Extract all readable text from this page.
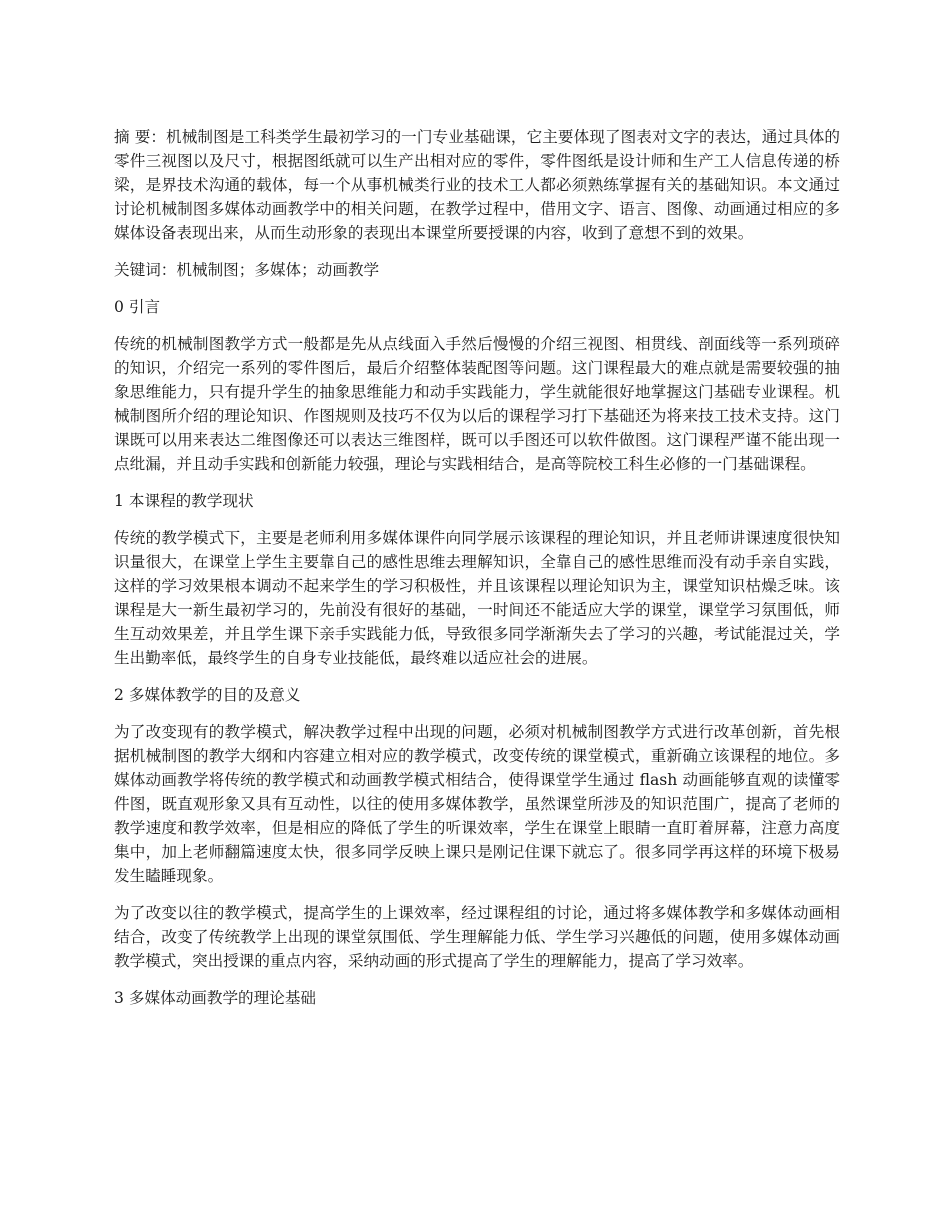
摘 要：机械制图是工科类学生最初学习的一门专业基础课，它主要体现了图表对文字的表达，通过具体的零件三视图以及尺寸，根据图纸就可以生产出相对应的零件，零件图纸是设计师和生产工人信息传递的桥梁，是界技术沟通的载体，每一个从事机械类行业的技术工人都必须熟练掌握有关的基础知识。本文通过讨论机械制图多媒体动画教学中的相关问题，在教学过程中，借用文字、语言、图像、动画通过相应的多媒体设备表现出来，从而生动形象的表现出本课堂所要授课的内容，收到了意想不到的效果。

关键词：机械制图；多媒体；动画教学

0 引言

传统的机械制图教学方式一般都是先从点线面入手然后慢慢的介绍三视图、相贯线、剖面线等一系列琐碎的知识，介绍完一系列的零件图后，最后介绍整体装配图等问题。这门课程最大的难点就是需要较强的抽象思维能力，只有提升学生的抽象思维能力和动手实践能力，学生就能很好地掌握这门基础专业课程。机械制图所介绍的理论知识、作图规则及技巧不仅为以后的课程学习打下基础还为将来技工技术支持。这门课既可以用来表达二维图像还可以表达三维图样，既可以手图还可以软件做图。这门课程严谨不能出现一点纰漏，并且动手实践和创新能力较强，理论与实践相结合，是高等院校工科生必修的一门基础课程。

1 本课程的教学现状

传统的教学模式下，主要是老师利用多媒体课件向同学展示该课程的理论知识，并且老师讲课速度很快知识量很大，在课堂上学生主要靠自己的感性思维去理解知识，全靠自己的感性思维而没有动手亲自实践，这样的学习效果根本调动不起来学生的学习积极性，并且该课程以理论知识为主，课堂知识枯燥乏味。该课程是大一新生最初学习的，先前没有很好的基础，一时间还不能适应大学的课堂，课堂学习氛围低，师生互动效果差，并且学生课下亲手实践能力低，导致很多同学渐渐失去了学习的兴趣，考试能混过关，学生出勤率低，最终学生的自身专业技能低，最终难以适应社会的进展。

2 多媒体教学的目的及意义

为了改变现有的教学模式，解决教学过程中出现的问题，必须对机械制图教学方式进行改革创新，首先根据机械制图的教学大纲和内容建立相对应的教学模式，改变传统的课堂模式，重新确立该课程的地位。多媒体动画教学将传统的教学模式和动画教学模式相结合，使得课堂学生通过 flash 动画能够直观的读懂零件图，既直观形象又具有互动性，以往的使用多媒体教学，虽然课堂所涉及的知识范围广，提高了老师的教学速度和教学效率，但是相应的降低了学生的听课效率，学生在课堂上眼睛一直盯着屏幕，注意力高度集中，加上老师翻篇速度太快，很多同学反映上课只是刚记住课下就忘了。很多同学再这样的环境下极易发生瞌睡现象。

为了改变以往的教学模式，提高学生的上课效率，经过课程组的讨论，通过将多媒体教学和多媒体动画相结合，改变了传统教学上出现的课堂氛围低、学生理解能力低、学生学习兴趣低的问题，使用多媒体动画教学模式，突出授课的重点内容，采纳动画的形式提高了学生的理解能力，提高了学习效率。

3 多媒体动画教学的理论基础
